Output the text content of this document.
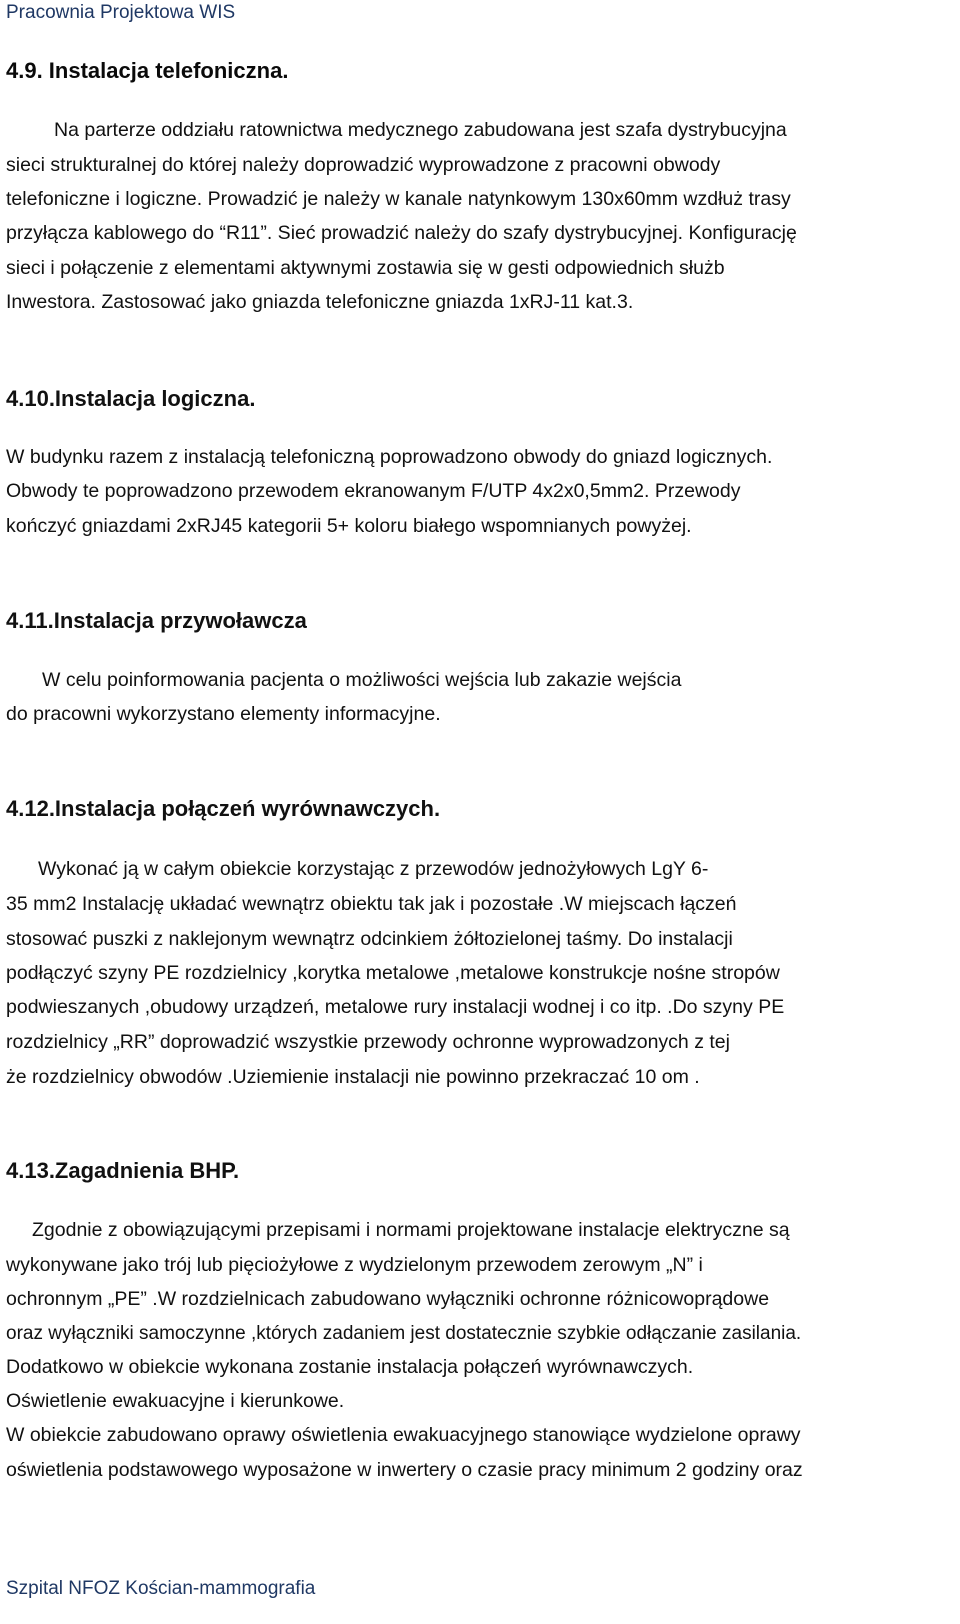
Pracownia Projektowa WIS
4.9. Instalacja telefoniczna.
Na parterze oddziału ratownictwa medycznego zabudowana jest szafa dystrybucyjna
sieci strukturalnej do której należy doprowadzić wyprowadzone z pracowni obwody
telefoniczne i logiczne. Prowadzić je należy w kanale natynkowym 130x60mm wzdłuż trasy
przyłącza kablowego do “R11”. Sieć prowadzić należy do szafy dystrybucyjnej. Konfigurację
sieci i połączenie z elementami aktywnymi zostawia się w gesti odpowiednich służb
Inwestora. Zastosować jako gniazda telefoniczne gniazda 1xRJ-11 kat.3.
4.10.Instalacja logiczna.
W budynku razem z instalacją telefoniczną poprowadzono obwody do gniazd logicznych.
Obwody te poprowadzono przewodem ekranowanym F/UTP 4x2x0,5mm2. Przewody
kończyć gniazdami 2xRJ45 kategorii 5+ koloru białego wspomnianych powyżej.
4.11.Instalacja przywoławcza
W celu poinformowania pacjenta o możliwości wejścia lub zakazie wejścia
do pracowni wykorzystano elementy informacyjne.
4.12.Instalacja połączeń wyrównawczych.
Wykonać ją w całym obiekcie korzystając z przewodów jednożyłowych LgY 6-
35 mm2 Instalację układać wewnątrz obiektu tak jak i pozostałe .W miejscach łączeń
stosować puszki z naklejonym wewnątrz odcinkiem żółtozielonej taśmy. Do instalacji
podłączyć szyny PE rozdzielnicy ,korytka metalowe ,metalowe konstrukcje nośne stropów
podwieszanych ,obudowy urządzeń, metalowe rury instalacji wodnej i co itp. .Do szyny PE
rozdzielnicy „RR” doprowadzić wszystkie przewody ochronne wyprowadzonych z tej
że rozdzielnicy obwodów .Uziemienie instalacji nie powinno przekraczać 10 om .
4.13.Zagadnienia BHP.
Zgodnie z obowiązującymi przepisami i normami projektowane instalacje elektryczne są
wykonywane jako trój lub pięciożyłowe z wydzielonym przewodem zerowym „N” i
ochronnym „PE” .W rozdzielnicach zabudowano wyłączniki ochronne różnicowoprądowe
oraz wyłączniki samoczynne ,których zadaniem jest dostatecznie szybkie odłączanie zasilania.
Dodatkowo w obiekcie wykonana zostanie instalacja połączeń wyrównawczych.
Oświetlenie ewakuacyjne i kierunkowe.
W obiekcie zabudowano oprawy oświetlenia ewakuacyjnego stanowiące wydzielone oprawy
oświetlenia podstawowego wyposażone w inwertery o czasie pracy minimum 2 godziny oraz
Szpital NFOZ Kościan-mammografia
